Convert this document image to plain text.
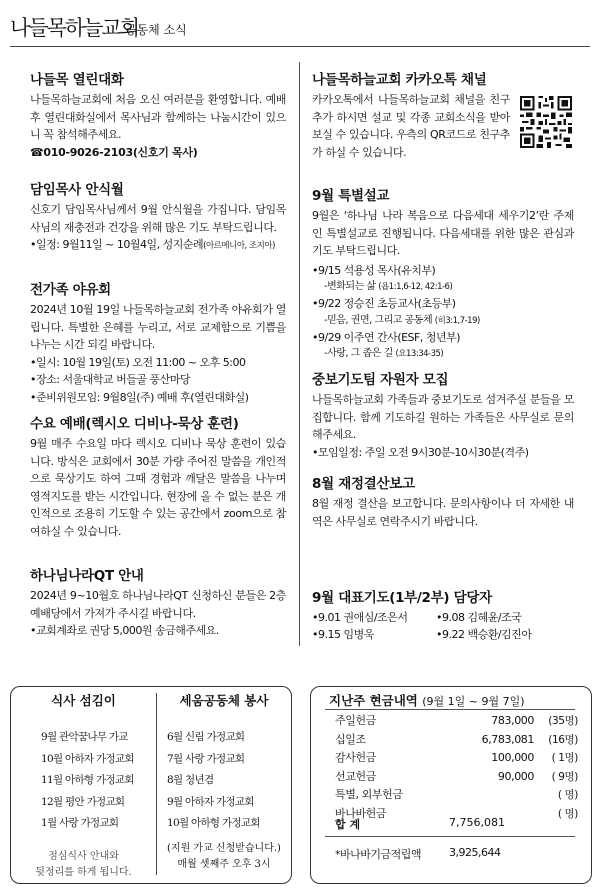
나들목하늘교회
공동체 소식
나들목 열린대화

나들목하늘교회에 처음 오신 여러분을 환영합니다. 예배 후 열린대화실에서 목사님과 함께하는 나눔시간이 있으니 꼭 참석해주세요.

☎010-9026-2103(신호기 목사)
담임목사 안식월

신호기 담임목사님께서 9월 안식월을 가집니다. 담임목사님의 재충전과 건강을 위해 많은 기도 부탁드립니다.

•일정: 9월11일 ~ 10월4일, 성지순례(아르메니아, 조지아)
전가족 야유회

2024년 10월 19일 나들목하늘교회 전가족 야유회가 열립니다. 특별한 은혜를 누리고, 서로 교제함으로 기쁨을 나누는 시간 되길 바랍니다.

•일시: 10월 19일(토) 오전 11:00 ~ 오후 5:00
•장소: 서울대학교 버들골 풍산마당
•준비위원모임: 9월8일(주) 예배 후(열린대화실)
수요 예배(렉시오 디비나-묵상 훈련)

9월 매주 수요일 마다 렉시오 디비나 묵상 훈련이 있습니다. 방식은 교회에서 30분 가량 주어진 말씀을 개인적으로 묵상기도 하여 그때 경험과 깨달은 말씀을 나누며 영적지도를 받는 시간입니다. 현장에 올 수 없는 분은 개인적으로 조용히 기도할 수 있는 공간에서 zoom으로 참여하실 수 있습니다.

하나님나라QT 안내

2024년 9~10월호 하나님나라QT 신청하신 분들은 2층 예배당에서 가져가 주시길 바랍니다.

•교회계좌로 권당 5,000원 송금해주세요.
나들목하늘교회 카카오톡 채널

카카오톡에서 나들목하늘교회 채널을 친구추가 하시면 설교 및 각종 교회소식을 받아보실 수 있습니다. 우측의 QR코드로 친구추가 하실 수 있습니다.

9월 특별설교

9월은 ‘하나님 나라 복음으로 다음세대 세우기2’란 주제인 특별설교로 진행됩니다. 다음세대를 위한 많은 관심과 기도 부탁드립니다.

•9/15 석용성 목사(유치부)
-변화되는 삶 (욥1:1,6-12, 42:1-6)
•9/22 정승진 초등교사(초등부)
-믿음, 권면, 그리고 공동체 (히3:1,7-19)
•9/29 이주연 간사(ESF, 청년부)
-사랑, 그 좁은 길 (요13:34-35)
중보기도팀 자원자 모집

나들목하늘교회 가족들과 중보기도로 섬겨주실 분들을 모집합니다. 함께 기도하길 원하는 가족들은 사무실로 문의해주세요.

•모임일정: 주일 오전 9시30분-10시30분(격주)
8월 재정결산보고

8월 재정 결산을 보고합니다. 문의사항이나 더 자세한 내역은 사무실로 연락주시기 바랍니다.

9월 대표기도(1부/2부) 담당자
•9.01 권애심/조은서	•9.08 김혜윤/조국
•9.15 임병욱	•9.22 백승환/김진아
식사 섬김이
9월 관악꿈나무 가교
10월 아하자 가정교회
11월 아하형 가정교회
12월 평안 가정교회
1월 사랑 가정교회
점심식사 안내와
뒷정리를 하게 됩니다.
세움공동체 봉사
6월 신림 가정교회
7월 사랑 가정교회
8월 청년겸
9월 아하자 가정교회
10월 아하형 가정교회
(지원 가교 신청받습니다.)
매월 셋째주 오후 3시
지난주 현금내역 (9월 1일 ~ 9월 7일)
주일헌금	783,000	(35명)
십일조	6,783,081	(16명)
감사헌금	100,000	( 1명)
선교헌금	90,000	( 9명)
특별, 외부헌금	( 명)
바나바헌금	( 명)
합 계	7,756,081
*바나바기금적립액	3,925,644
